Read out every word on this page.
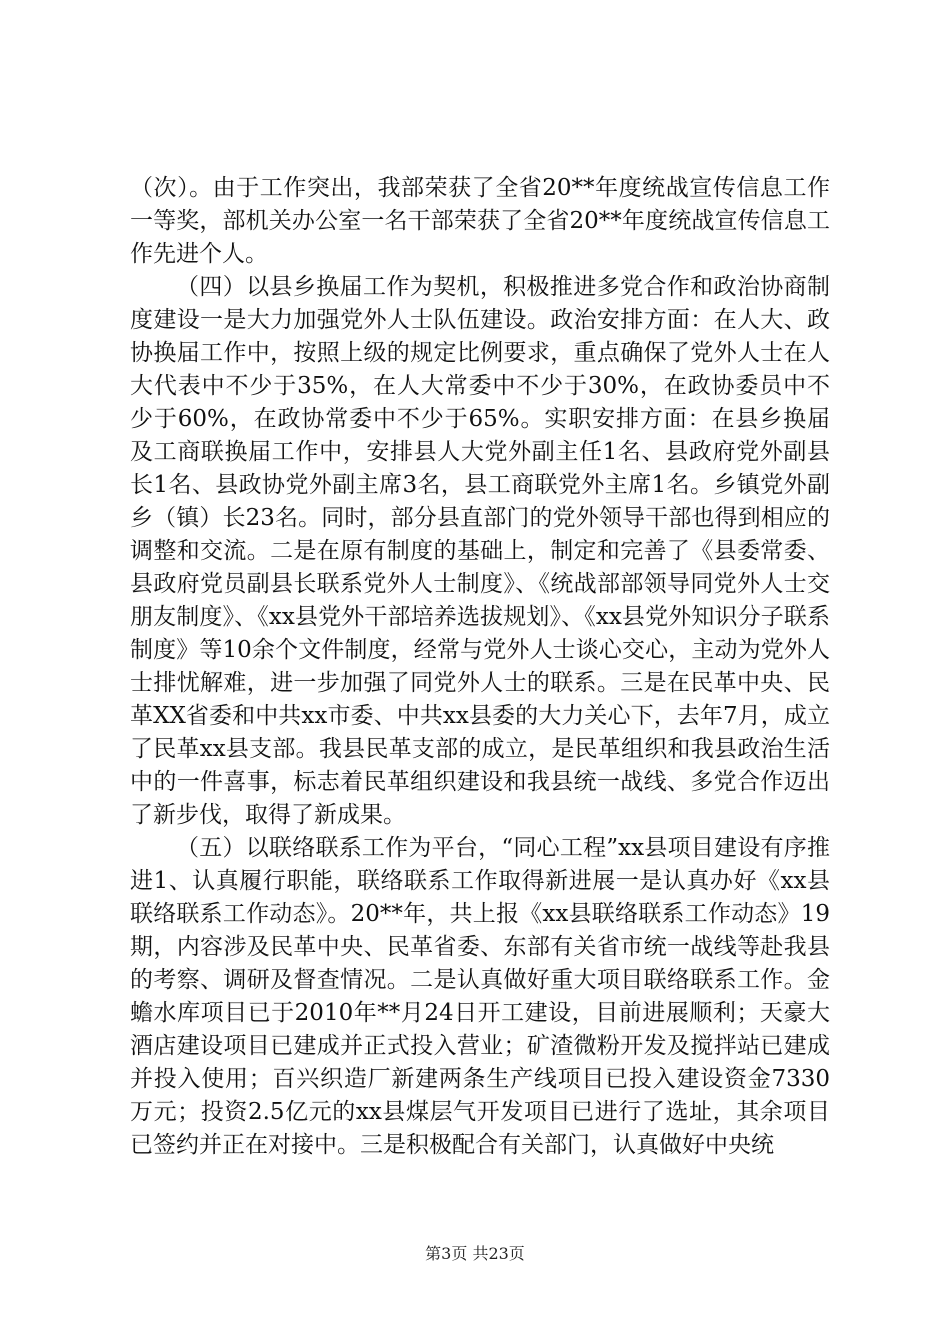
（次）。由于工作突出，我部荣获了全省20**年度统战宣传信息工作一等奖，部机关办公室一名干部荣获了全省20**年度统战宣传信息工作先进个人。

（四）以县乡换届工作为契机，积极推进多党合作和政治协商制度建设一是大力加强党外人士队伍建设。政治安排方面：在人大、政协换届工作中，按照上级的规定比例要求，重点确保了党外人士在人大代表中不少于35%，在人大常委中不少于30%，在政协委员中不少于60%，在政协常委中不少于65%。实职安排方面：在县乡换届及工商联换届工作中，安排县人大党外副主任1名、县政府党外副县长1名、县政协党外副主席3名，县工商联党外主席1名。乡镇党外副乡（镇）长23名。同时，部分县直部门的党外领导干部也得到相应的调整和交流。二是在原有制度的基础上，制定和完善了《县委常委、县政府党员副县长联系党外人士制度》、《统战部部领导同党外人士交朋友制度》、《xx县党外干部培养选拔规划》、《xx县党外知识分子联系制度》等10余个文件制度，经常与党外人士谈心交心，主动为党外人士排忧解难，进一步加强了同党外人士的联系。三是在民革中央、民革XX省委和中共xx市委、中共xx县委的大力关心下，去年7月，成立了民革xx县支部。我县民革支部的成立，是民革组织和我县政治生活中的一件喜事，标志着民革组织建设和我县统一战线、多党合作迈出了新步伐，取得了新成果。

（五）以联络联系工作为平台，“同心工程”xx县项目建设有序推进1、认真履行职能，联络联系工作取得新进展一是认真办好《xx县联络联系工作动态》。20**年，共上报《xx县联络联系工作动态》19期，内容涉及民革中央、民革省委、东部有关省市统一战线等赴我县的考察、调研及督查情况。二是认真做好重大项目联络联系工作。金蟾水库项目已于2010年**月24日开工建设，目前进展顺利；天豪大酒店建设项目已建成并正式投入营业；矿渣微粉开发及搅拌站已建成并投入使用；百兴织造厂新建两条生产线项目已投入建设资金7330万元；投资2.5亿元的xx县煤层气开发项目已进行了选址，其余项目已签约并正在对接中。三是积极配合有关部门，认真做好中央统

第3页 共23页
